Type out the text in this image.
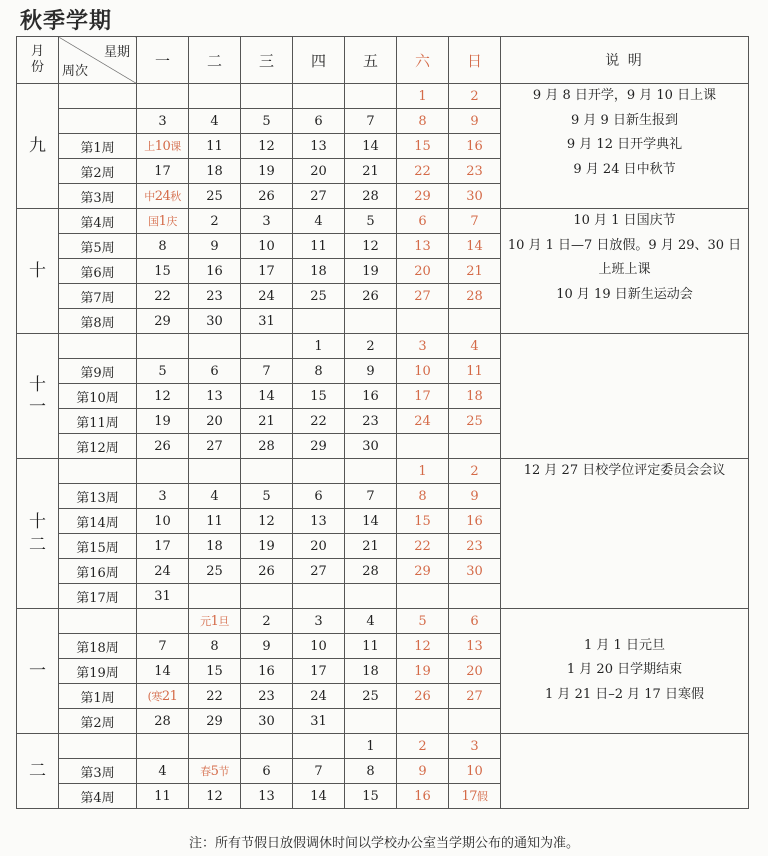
秋季学期
月
份	星期
周次	一	二	三	四	五	六	日	说 明

九							1	2	9 月 8 日开学，9 月 10 日上课
9 月 9 日新生报到
9 月 12 日开学典礼
9 月 24 日中秋节

		3	4	5	6	7	8	9	
	第1周	上10课	11	12	13	14	15	16	
	第2周	17	18	19	20	21	22	23	
	第3周	中24秋	25	26	27	28	29	30	

十	第4周	国1庆	2	3	4	5	6	7	10 月 1 日国庆节
10 月 1 日—7 日放假。9 月 29、30 日
上班上课
10 月 19 日新生运动会

	第5周	8	9	10	11	12	13	14	
	第6周	15	16	17	18	19	20	21	
	第7周	22	23	24	25	26	27	28	
	第8周	29	30	31					

十
一					1	2	3	4	
	第9周	5	6	7	8	9	10	11	
	第10周	12	13	14	15	16	17	18	
	第11周	19	20	21	22	23	24	25	
	第12周	26	27	28	29	30			

十
二							1	2	12 月 27 日校学位评定委员会会议

	第13周	3	4	5	6	7	8	9	
	第14周	10	11	12	13	14	15	16	
	第15周	17	18	19	20	21	22	23	
	第16周	24	25	26	27	28	29	30	
	第17周	31							

一			元1旦	2	3	4	5	6	1 月 1 日元旦
1 月 20 日学期结束
1 月 21 日–2 月 17 日寒假

	第18周	7	8	9	10	11	12	13	
	第19周	14	15	16	17	18	19	20	
	第1周	(寒21	22	23	24	25	26	27	
	第2周	28	29	30	31				

二						1	2	3	
	第3周	4	春5节	6	7	8	9	10	
	第4周	11	12	13	14	15	16	17假	
注：所有节假日放假调休时间以学校办公室当学期公布的通知为准。
